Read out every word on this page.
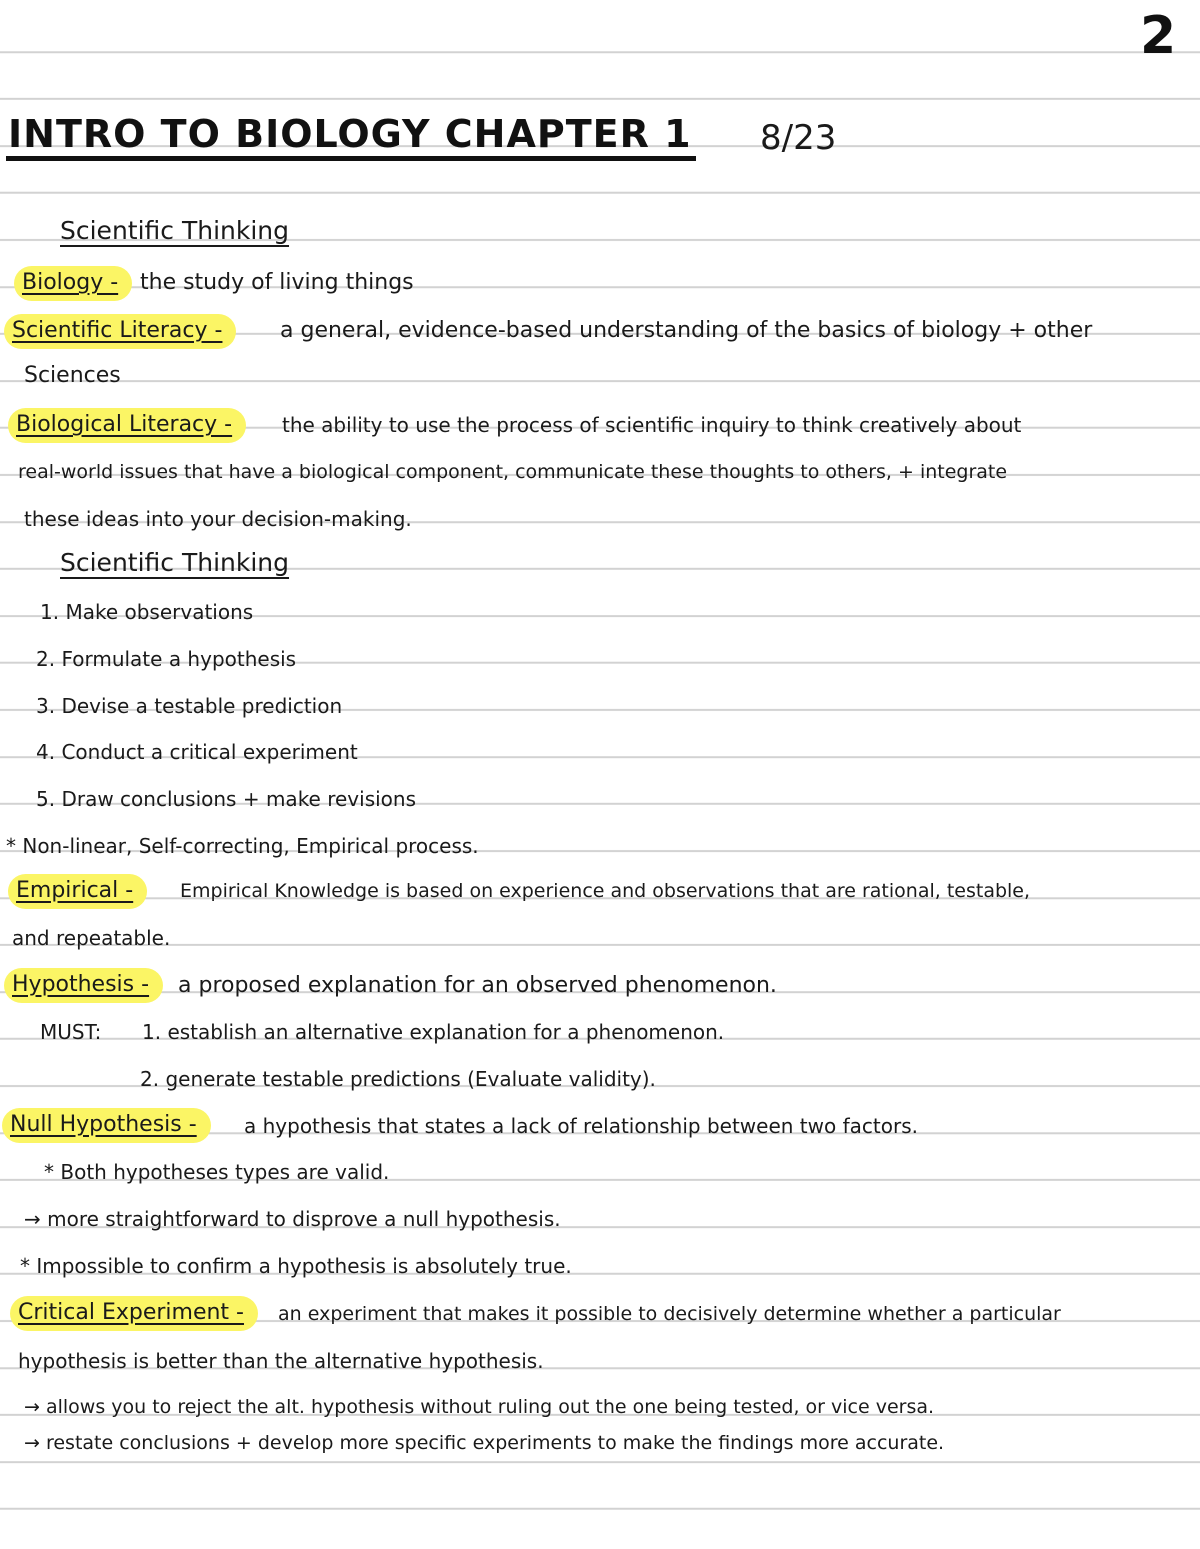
2
INTRO TO BIOLOGY CHAPTER 1 8/23
Scientific Thinking
Biology - the study of living things
Scientific Literacy -	a general, evidence-based understanding of the basics of biology + other
Sciences
Biological Literacy -	the ability to use the process of scientific inquiry to think creatively about
real-world issues that have a biological component, communicate these thoughts to others, + integrate
these ideas into your decision-making.
Scientific Thinking
1. Make observations
2. Formulate a hypothesis
3. Devise a testable prediction
4. Conduct a critical experiment
5. Draw conclusions + make revisions
* Non-linear, Self-correcting, Empirical process.
Empirical -	Empirical Knowledge is based on experience and observations that are rational, testable,
and repeatable.
Hypothesis -	a proposed explanation for an observed phenomenon.
MUST: 1. establish an alternative explanation for a phenomenon.
2. generate testable predictions (Evaluate validity).
Null Hypothesis -	a hypothesis that states a lack of relationship between two factors.
* Both hypotheses types are valid.
→ more straightforward to disprove a null hypothesis.
* Impossible to confirm a hypothesis is absolutely true.
Critical Experiment -	an experiment that makes it possible to decisively determine whether a particular
hypothesis is better than the alternative hypothesis.
→ allows you to reject the alt. hypothesis without ruling out the one being tested, or vice versa.
→ restate conclusions + develop more specific experiments to make the findings more accurate.
